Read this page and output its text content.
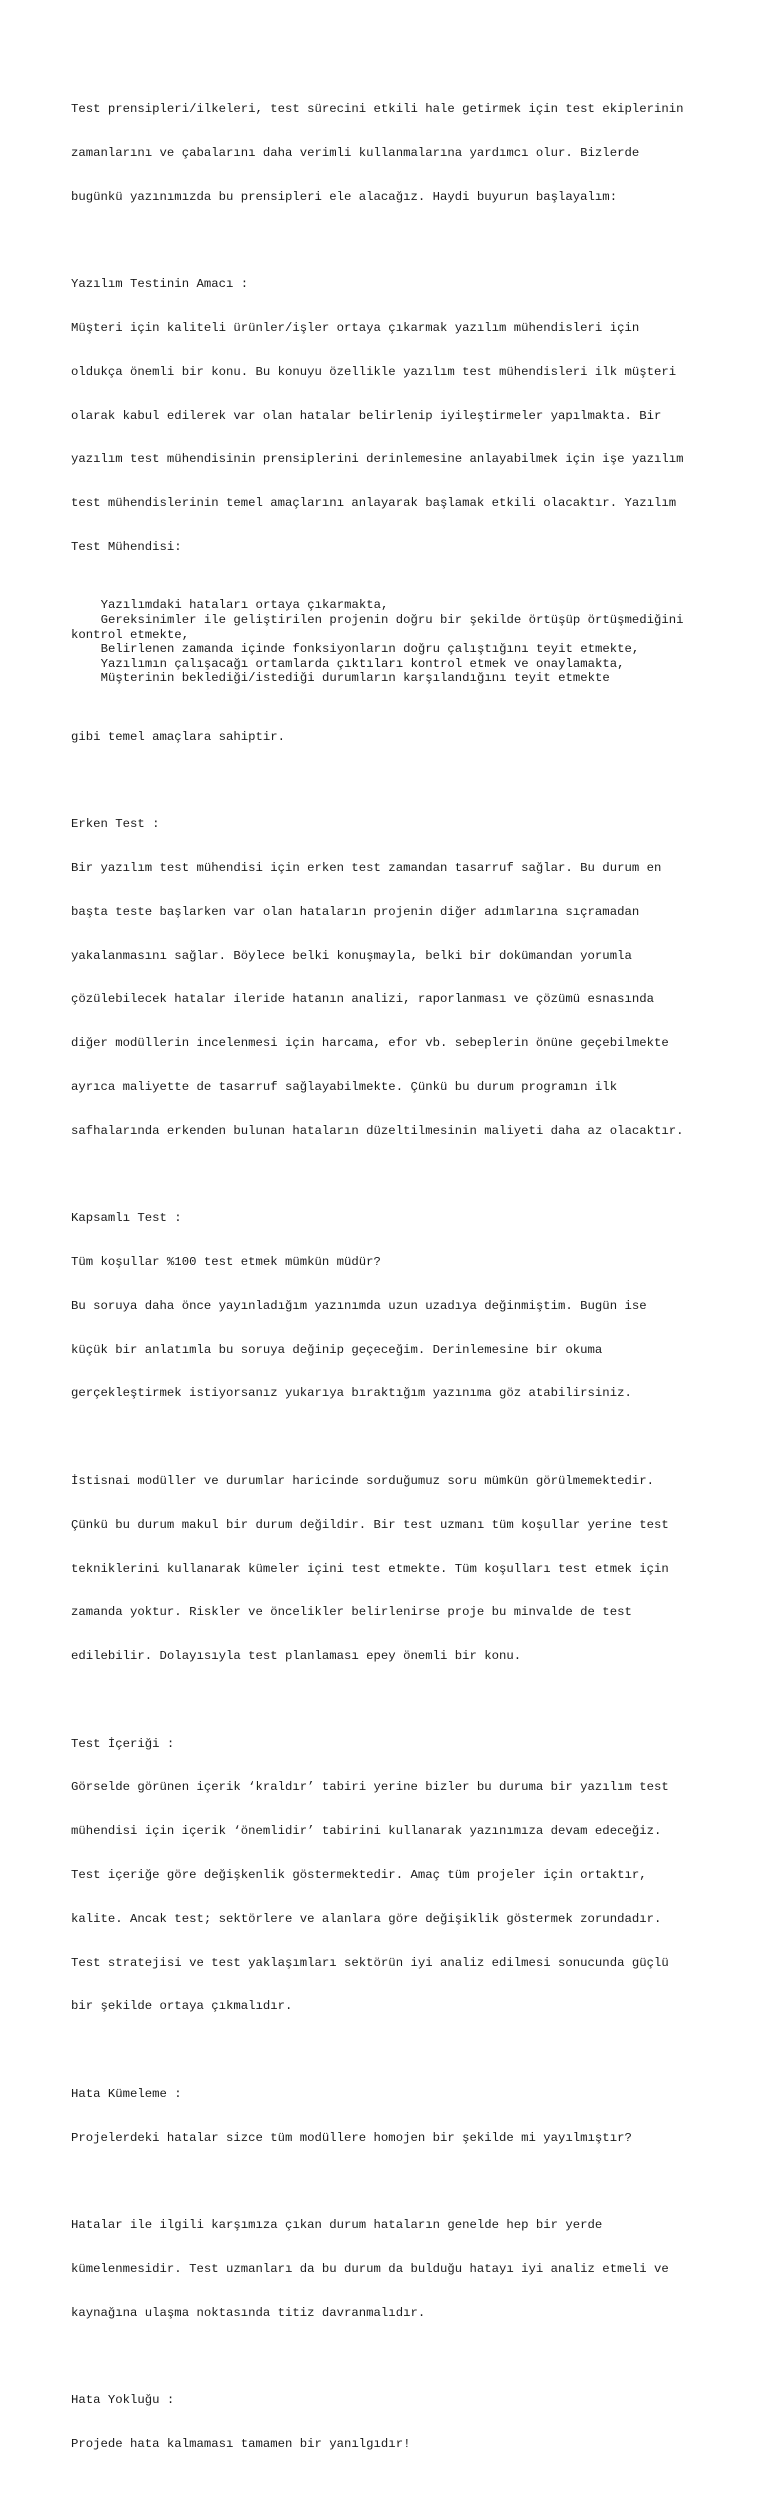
Test prensipleri/ilkeleri, test sürecini etkili hale getirmek için test ekiplerinin

zamanlarını ve çabalarını daha verimli kullanmalarına yardımcı olur. Bizlerde

bugünkü yazınımızda bu prensipleri ele alacağız. Haydi buyurun başlayalım:

Yazılım Testinin Amacı :

Müşteri için kaliteli ürünler/işler ortaya çıkarmak yazılım mühendisleri için

oldukça önemli bir konu. Bu konuyu özellikle yazılım test mühendisleri ilk müşteri

olarak kabul edilerek var olan hatalar belirlenip iyileştirmeler yapılmakta. Bir

yazılım test mühendisinin prensiplerini derinlemesine anlayabilmek için işe yazılım

test mühendislerinin temel amaçlarını anlayarak başlamak etkili olacaktır. Yazılım

Test Mühendisi:

Yazılımdaki hataları ortaya çıkarmakta,
Gereksinimler ile geliştirilen projenin doğru bir şekilde örtüşüp örtüşmediğini
kontrol etmekte,
Belirlenen zamanda içinde fonksiyonların doğru çalıştığını teyit etmekte,
Yazılımın çalışacağı ortamlarda çıktıları kontrol etmek ve onaylamakta,
Müşterinin beklediği/istediği durumların karşılandığını teyit etmekte

gibi temel amaçlara sahiptir.

Erken Test :

Bir yazılım test mühendisi için erken test zamandan tasarruf sağlar. Bu durum en

başta teste başlarken var olan hataların projenin diğer adımlarına sıçramadan

yakalanmasını sağlar. Böylece belki konuşmayla, belki bir dokümandan yorumla

çözülebilecek hatalar ileride hatanın analizi, raporlanması ve çözümü esnasında

diğer modüllerin incelenmesi için harcama, efor vb. sebeplerin önüne geçebilmekte

ayrıca maliyette de tasarruf sağlayabilmekte. Çünkü bu durum programın ilk

safhalarında erkenden bulunan hataların düzeltilmesinin maliyeti daha az olacaktır.

Kapsamlı Test :

Tüm koşullar %100 test etmek mümkün müdür?

Bu soruya daha önce yayınladığım yazınımda uzun uzadıya değinmiştim. Bugün ise

küçük bir anlatımla bu soruya değinip geçeceğim. Derinlemesine bir okuma

gerçekleştirmek istiyorsanız yukarıya bıraktığım yazınıma göz atabilirsiniz.

İstisnai modüller ve durumlar haricinde sorduğumuz soru mümkün görülmemektedir.

Çünkü bu durum makul bir durum değildir. Bir test uzmanı tüm koşullar yerine test

tekniklerini kullanarak kümeler içini test etmekte. Tüm koşulları test etmek için

zamanda yoktur. Riskler ve öncelikler belirlenirse proje bu minvalde de test

edilebilir. Dolayısıyla test planlaması epey önemli bir konu.

Test İçeriği :

Görselde görünen içerik ‘kraldır’ tabiri yerine bizler bu duruma bir yazılım test

mühendisi için içerik ‘önemlidir’ tabirini kullanarak yazınımıza devam edeceğiz.

Test içeriğe göre değişkenlik göstermektedir. Amaç tüm projeler için ortaktır,

kalite. Ancak test; sektörlere ve alanlara göre değişiklik göstermek zorundadır.

Test stratejisi ve test yaklaşımları sektörün iyi analiz edilmesi sonucunda güçlü

bir şekilde ortaya çıkmalıdır.

Hata Kümeleme :

Projelerdeki hatalar sizce tüm modüllere homojen bir şekilde mi yayılmıştır?

Hatalar ile ilgili karşımıza çıkan durum hataların genelde hep bir yerde

kümelenmesidir. Test uzmanları da bu durum da bulduğu hatayı iyi analiz etmeli ve

kaynağına ulaşma noktasında titiz davranmalıdır.

Hata Yokluğu :

Projede hata kalmaması tamamen bir yanılgıdır!
